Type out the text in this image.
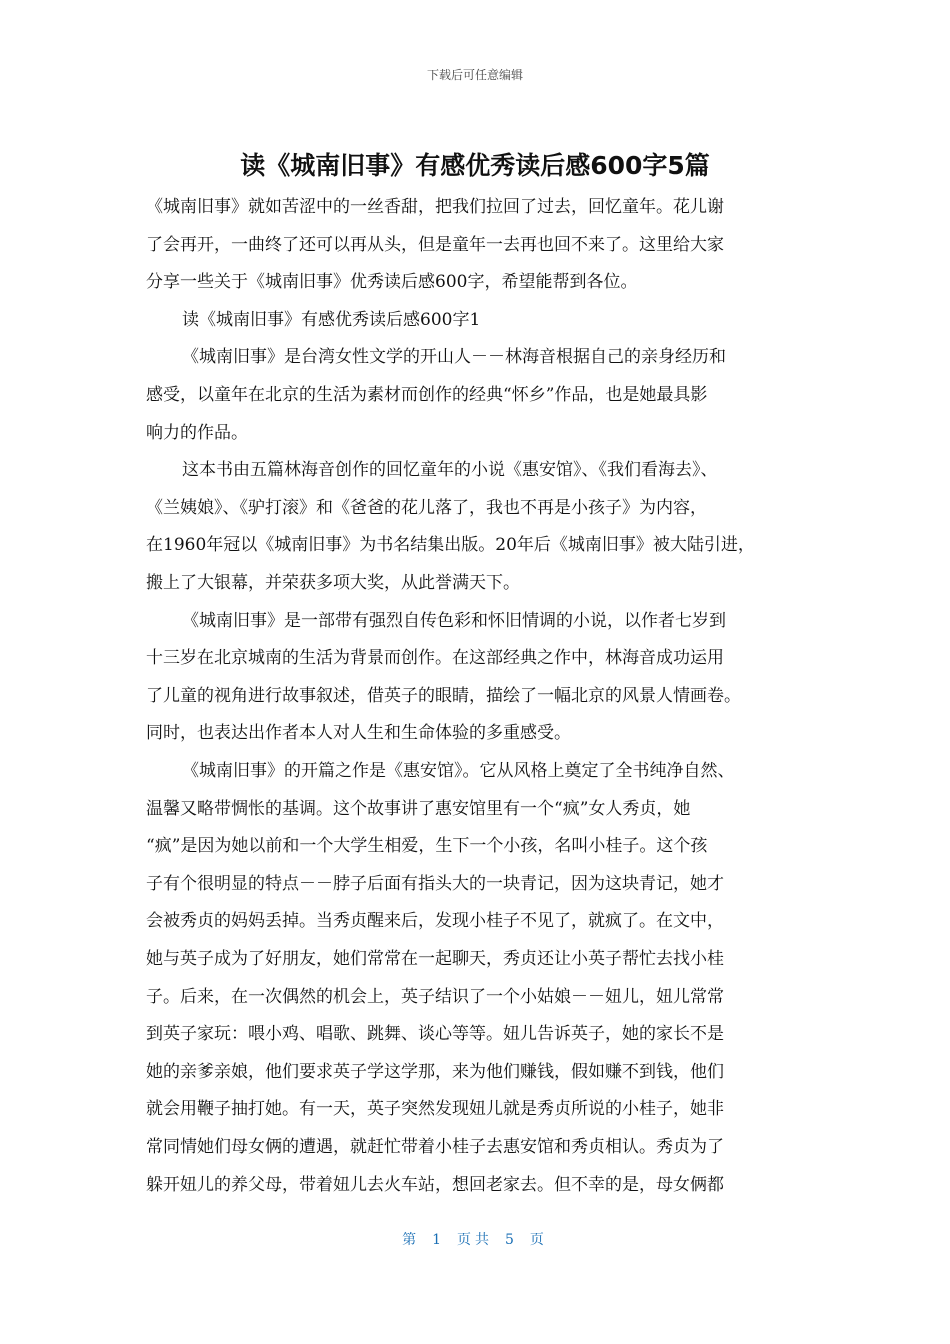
下载后可任意编辑
读《城南旧事》有感优秀读后感600字5篇
《城南旧事》就如苦涩中的一丝香甜，把我们拉回了过去，回忆童年。花儿谢
了会再开，一曲终了还可以再从头，但是童年一去再也回不来了。这里给大家
分享一些关于《城南旧事》优秀读后感600字，希望能帮到各位。
读《城南旧事》有感优秀读后感600字1
《城南旧事》是台湾女性文学的开山人－－林海音根据自己的亲身经历和
感受，以童年在北京的生活为素材而创作的经典“怀乡”作品，也是她最具影
响力的作品。
这本书由五篇林海音创作的回忆童年的小说《惠安馆》、《我们看海去》、
《兰姨娘》、《驴打滚》和《爸爸的花儿落了，我也不再是小孩子》为内容，
在1960年冠以《城南旧事》为书名结集出版。20年后《城南旧事》被大陆引进，
搬上了大银幕，并荣获多项大奖，从此誉满天下。
《城南旧事》是一部带有强烈自传色彩和怀旧情调的小说，以作者七岁到
十三岁在北京城南的生活为背景而创作。在这部经典之作中，林海音成功运用
了儿童的视角进行故事叙述，借英子的眼睛，描绘了一幅北京的风景人情画卷。
同时，也表达出作者本人对人生和生命体验的多重感受。
《城南旧事》的开篇之作是《惠安馆》。它从风格上奠定了全书纯净自然、
温馨又略带惆怅的基调。这个故事讲了惠安馆里有一个“疯”女人秀贞，她
“疯”是因为她以前和一个大学生相爱，生下一个小孩，名叫小桂子。这个孩
子有个很明显的特点－－脖子后面有指头大的一块青记，因为这块青记，她才
会被秀贞的妈妈丢掉。当秀贞醒来后，发现小桂子不见了，就疯了。在文中，
她与英子成为了好朋友，她们常常在一起聊天，秀贞还让小英子帮忙去找小桂
子。后来，在一次偶然的机会上，英子结识了一个小姑娘－－妞儿，妞儿常常
到英子家玩：喂小鸡、唱歌、跳舞、谈心等等。妞儿告诉英子，她的家长不是
她的亲爹亲娘，他们要求英子学这学那，来为他们赚钱，假如赚不到钱，他们
就会用鞭子抽打她。有一天，英子突然发现妞儿就是秀贞所说的小桂子，她非
常同情她们母女俩的遭遇，就赶忙带着小桂子去惠安馆和秀贞相认。秀贞为了
躲开妞儿的养父母，带着妞儿去火车站，想回老家去。但不幸的是，母女俩都
第 1 页共 5 页
